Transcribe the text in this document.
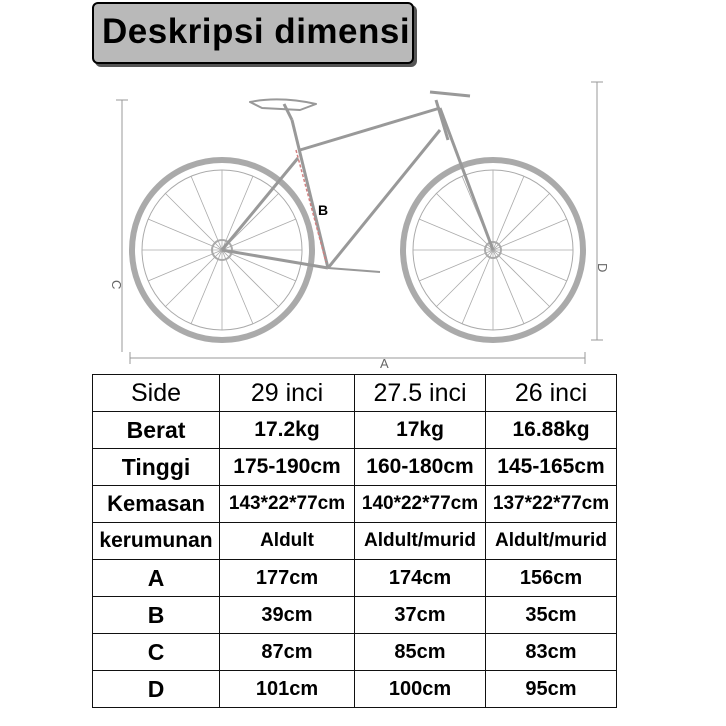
Deskripsi dimensi
B
A
C
D
Side	29 inci	27.5 inci	26 inci
Berat	17.2kg	17kg	16.88kg
Tinggi	175-190cm	160-180cm	145-165cm
Kemasan	143*22*77cm	140*22*77cm	137*22*77cm
kerumunan	Aldult	Aldult/murid	Aldult/murid
A	177cm	174cm	156cm
B	39cm	37cm	35cm
C	87cm	85cm	83cm
D	101cm	100cm	95cm
